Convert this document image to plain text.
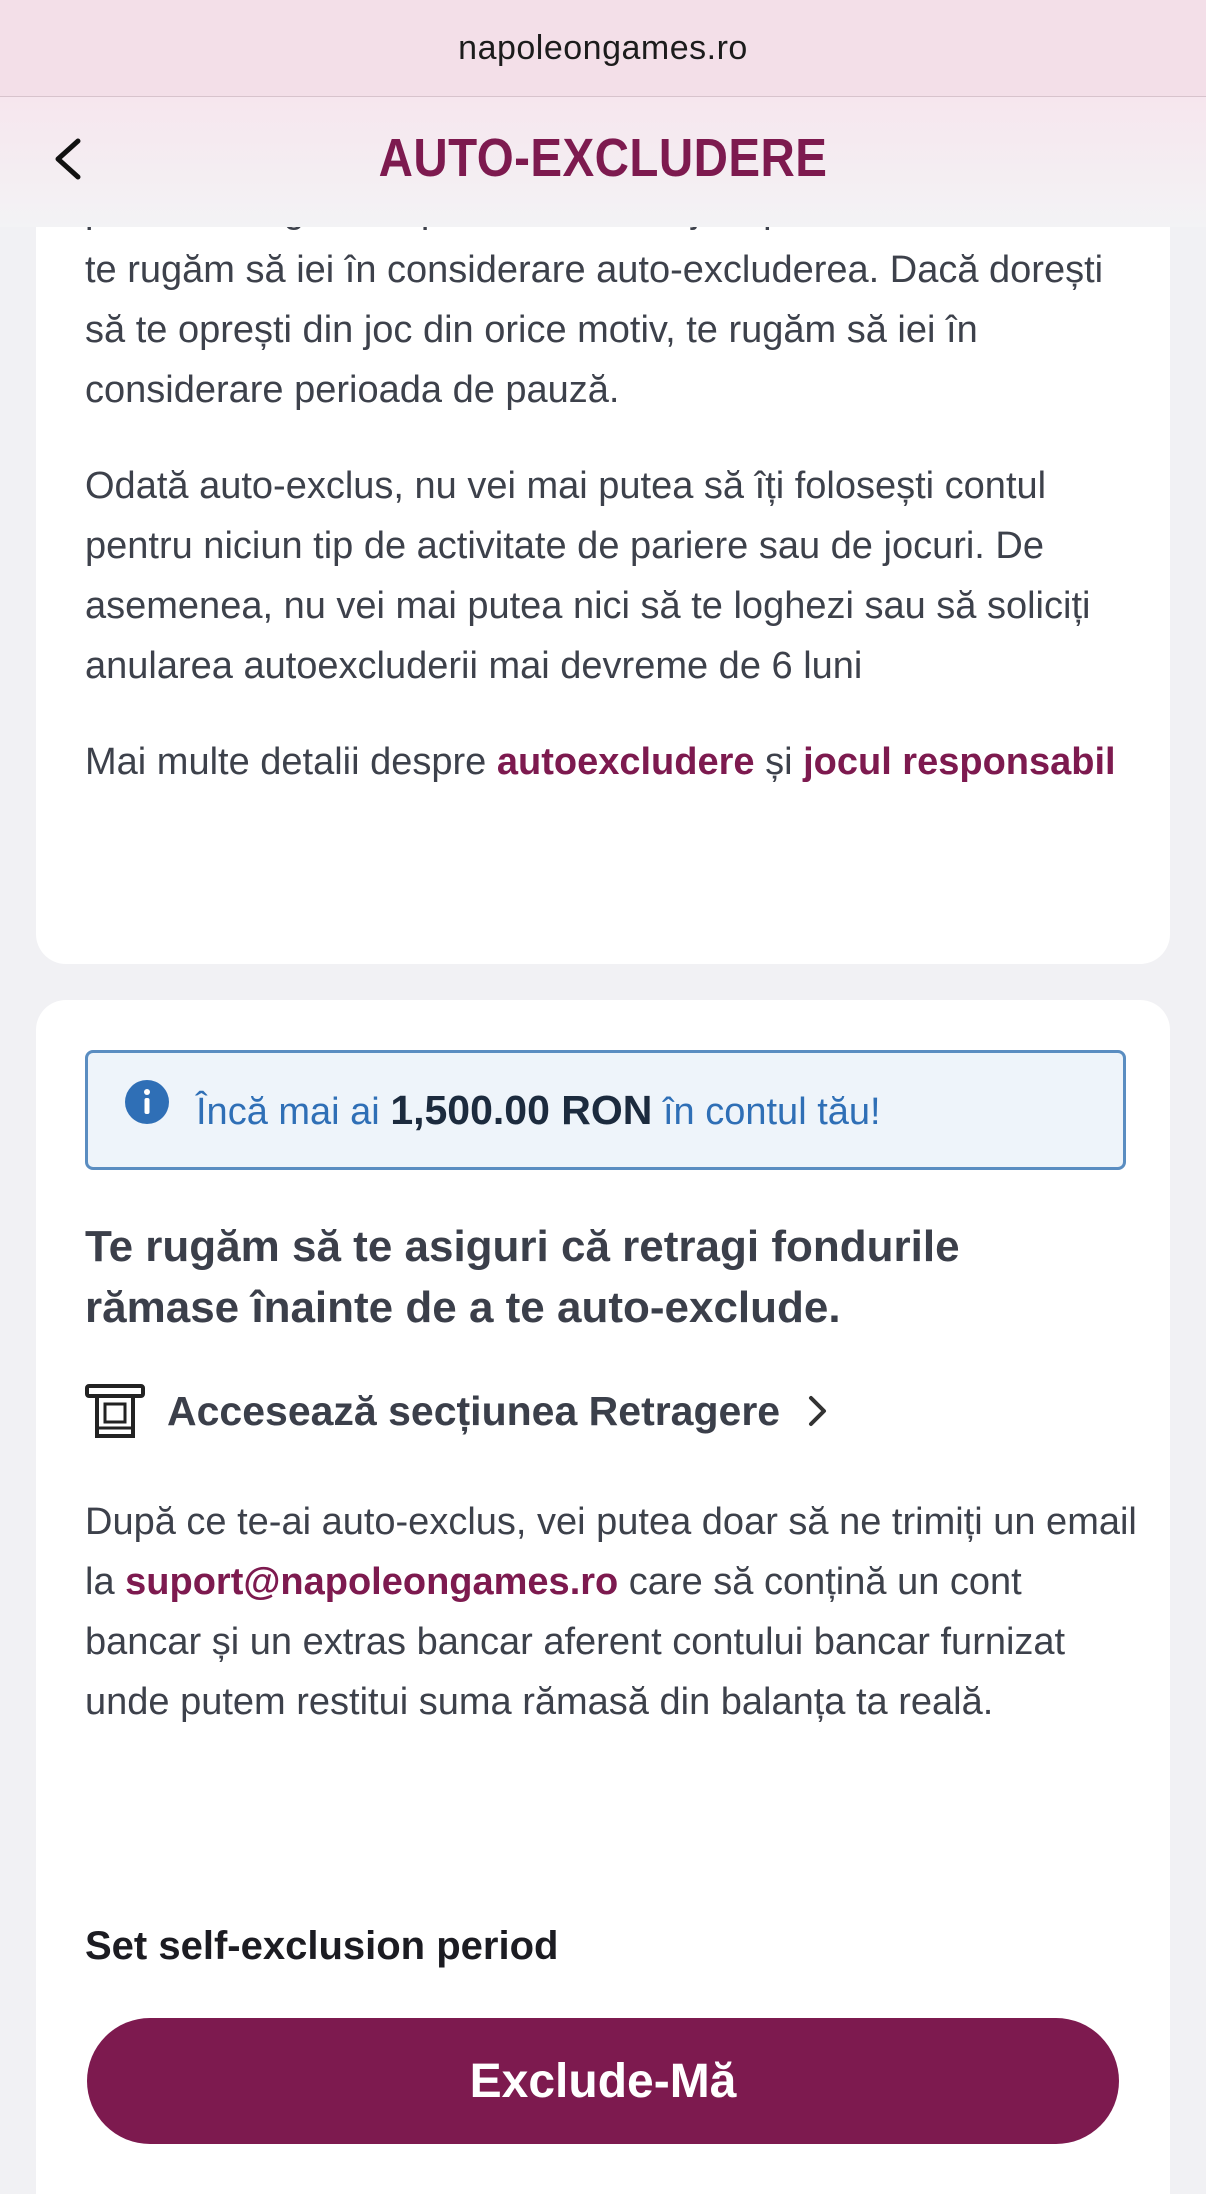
napoleongames.ro

te rugăm să iei în considerare auto-excluderea. Dacă dorești să te oprești din joc din orice motiv, te rugăm să iei în considerare perioada de pauză.

Odată auto-exclus, nu vei mai putea să îți folosești contul pentru niciun tip de activitate de pariere sau de jocuri. De asemenea, nu vei mai putea nici să te loghezi sau să soliciți anularea autoexcluderii mai devreme de 6 luni

Mai multe detalii despre autoexcludere și jocul responsabil

AUTO-EXCLUDERE
Încă mai ai 1,500.00 RON în contul tău!

Te rugăm să te asiguri că retragi fondurile rămase înainte de a te auto-exclude.

Accesează secțiunea Retragere

După ce te-ai auto-exclus, vei putea doar să ne trimiți un email la suport@napoleongames.ro care să conțină un cont bancar și un extras bancar aferent contului bancar furnizat unde putem restitui suma rămasă din balanța ta reală.

Set self-exclusion period
Exclude-Mă
